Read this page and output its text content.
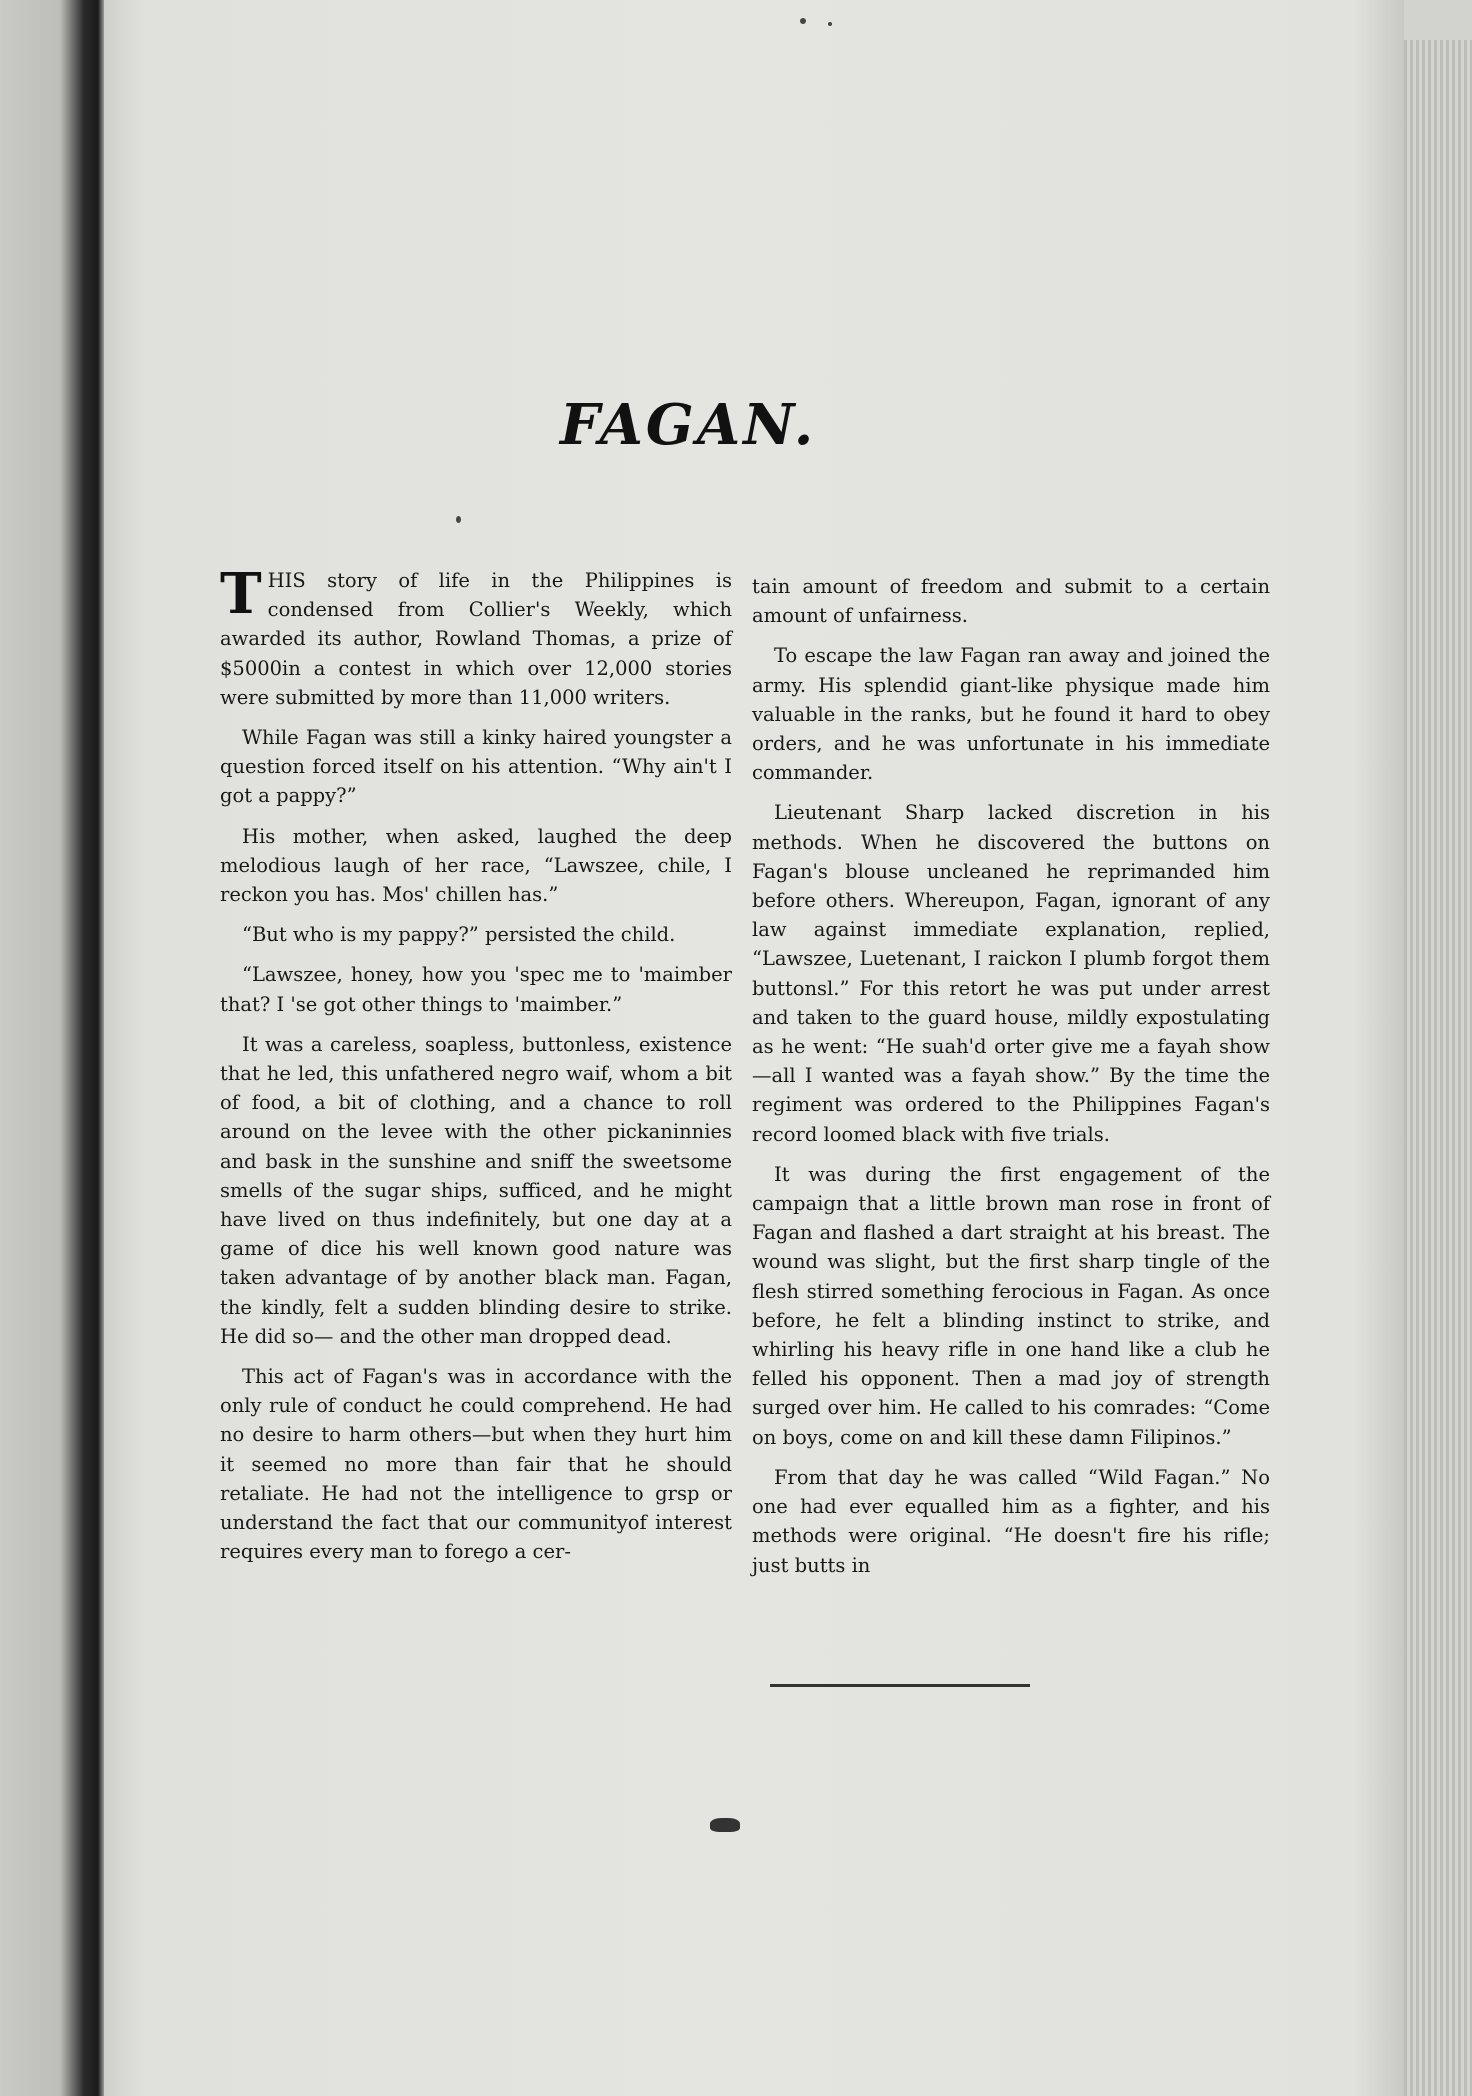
FAGAN.

THIS story of life in the Philippines is condensed from Collier's Weekly, which awarded its author, Rowland Thomas, a prize of $5000in a contest in which over 12,000 stories were submitted by more than 11,000 writers.

While Fagan was still a kinky haired youngster a question forced itself on his attention. “Why ain't I got a pappy?”

His mother, when asked, laughed the deep melodious laugh of her race, “Lawszee, chile, I reckon you has. Mos' chillen has.”

“But who is my pappy?” persisted the child.

“Lawszee, honey, how you 'spec me to 'maimber that? I 'se got other things to 'maimber.”

It was a careless, soapless, buttonless, existence that he led, this unfathered negro waif, whom a bit of food, a bit of clothing, and a chance to roll around on the levee with the other pickaninnies and bask in the sunshine and sniff the sweetsome smells of the sugar ships, sufficed, and he might have lived on thus indefinitely, but one day at a game of dice his well known good nature was taken advantage of by another black man. Fagan, the kindly, felt a sudden blinding desire to strike. He did so— and the other man dropped dead.

This act of Fagan's was in accordance with the only rule of conduct he could comprehend. He had no desire to harm others—but when they hurt him it seemed no more than fair that he should retaliate. He had not the intelligence to grsp or understand the fact that our communityof interest requires every man to forego a cer-

tain amount of freedom and submit to a certain amount of unfairness.

To escape the law Fagan ran away and joined the army. His splendid giant-like physique made him valuable in the ranks, but he found it hard to obey orders, and he was unfortunate in his immediate commander.

Lieutenant Sharp lacked discretion in his methods. When he discovered the buttons on Fagan's blouse uncleaned he reprimanded him before others. Whereupon, Fagan, ignorant of any law against immediate explanation, replied, “Lawszee, Luetenant, I raickon I plumb forgot them buttonsl.” For this retort he was put under arrest and taken to the guard house, mildly expostulating as he went: “He suah'd orter give me a fayah show—all I wanted was a fayah show.” By the time the regiment was ordered to the Philippines Fagan's record loomed black with five trials.

It was during the first engagement of the campaign that a little brown man rose in front of Fagan and flashed a dart straight at his breast. The wound was slight, but the first sharp tingle of the flesh stirred something ferocious in Fagan. As once before, he felt a blinding instinct to strike, and whirling his heavy rifle in one hand like a club he felled his opponent. Then a mad joy of strength surged over him. He called to his comrades: “Come on boys, come on and kill these damn Filipinos.”

From that day he was called “Wild Fagan.” No one had ever equalled him as a fighter, and his methods were original. “He doesn't fire his rifle; just butts in
